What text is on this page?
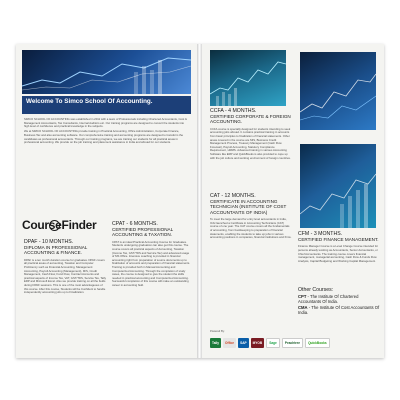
Welcome To Simco School Of Accounting.

SIMCO SCHOOL OF ACCOUNTING was established in 2011 with a team of Professionals including Chartered Accountants, Cost & Management Accountants, Tax Consultants, Internal Auditors etc. Our training programs are designed to convert the students into high level of confidence and practical knowledge in the subjects.

We at SIMCO SCHOOL OF ACCOUNTING provide training in Practical Accounting, Office Administration, Corporate Finance, Business Tax and also accounting software. Our comprehensive training and accounting programs are designed to transform the candidates as professional accountants. Through our training programs, we are training our students for all practical areas in professional accounting. We provide on the job training and placement assistance in India and abroad for our students.

CourseFinder
DPAF - 10 MONTHS.
DIPLOMA IN PROFESSIONAL ACCOUNTING & FINANCE.

DPAF is a ten month duration course for graduates. DPAF covers all practical areas of accounting, Taxation and Computer Proficiency such as Financial Accounting, Management Accounting, Payroll Accounting (Management), MIS, Credit Management, Cash Flow, Fund Flow, Contract Accounts and practical aspects of Income Tax, VAT, GST/TDS, Service Tax, Tally ERP and Microsoft Excel. Also we provide training on all the fields during DPAF sessions. This is one of the most advantageous of this course. After this course, Students will be Confident to handle independently accounting jobs up to Finalization.

CPAT - 6 MONTHS.
CERTIFIED PROFESSIONAL ACCOUNTING & TAXATION.

CPAT is an ideal Practical Accounting Course for Graduates. Students undergoing graduation can also get this course. The course covers all practical aspects of Accounting, Taxation (Income Tax, GST/TDS and Service Tax) and advanced usage of MS Office. Intensive coaching is provided in financial accounting right from preparation of source documents up to finalization of accounts and preparation of financial statements. Training is provided both in Manual Accounting and Computerized Accounting. Through the completion of study cases, the course is designed to give the student the skills needed in practical accounting and Computerized Accounting. Successful completion of this course will make an outstanding career in accounting field.

CCFA - 4 MONTHS.
CERTIFIED CORPORATE & FOREIGN ACCOUNTING.

CCFA course is specially designed for students intending to seek accounting jobs abroad. It contains practical training in accounts from basic principles to finalization of financial statements. Other areas covered in the course are MIS, Business Credit Management Process, Treasury Management (Cash Flow Forecast), Payroll Accounting, Statutory Compliance Requirement, HRMS. Advanced training in various Accounting Software like ERP and QuickBooks is also provided to cope up with the job culture and working environment of foreign countries.

CAT - 12 MONTHS.
CERTIFICATE IN ACCOUNTING TECHNICIAN (INSTITUTE OF COST ACCOUNTANTS OF INDIA)

To meet the large demand for entry level accountants in India, ICAI launched a Certificate in Accounting Technicians (CAT) course of one year. The CAT course covers all the fundamentals of accounting, from bookkeeping to preparation of financial statements, enabling the students to take up jobs in various accounting positions in companies, financial institutions and firms.

CFM - 3 MONTHS.
CERTIFIED FINANCE MANAGEMENT.

Finance Manager Course is a Level Change Course intended for persons already working as Accountants, Senior Accountants, or Chief Accountants. The training course covers financial management, managerial accounting, Cash Flow & Funds Flow Analysis, Capital Budgeting and Working Capital Management.

Other Courses:
CPT - The Institute Of Chartered Accountants Of India.
CMA - The Institute Of Cost Accountants Of India.
Powered By:
Tally	Office	SAP	MYOB	Sage	Peachtree	QuickBooks
